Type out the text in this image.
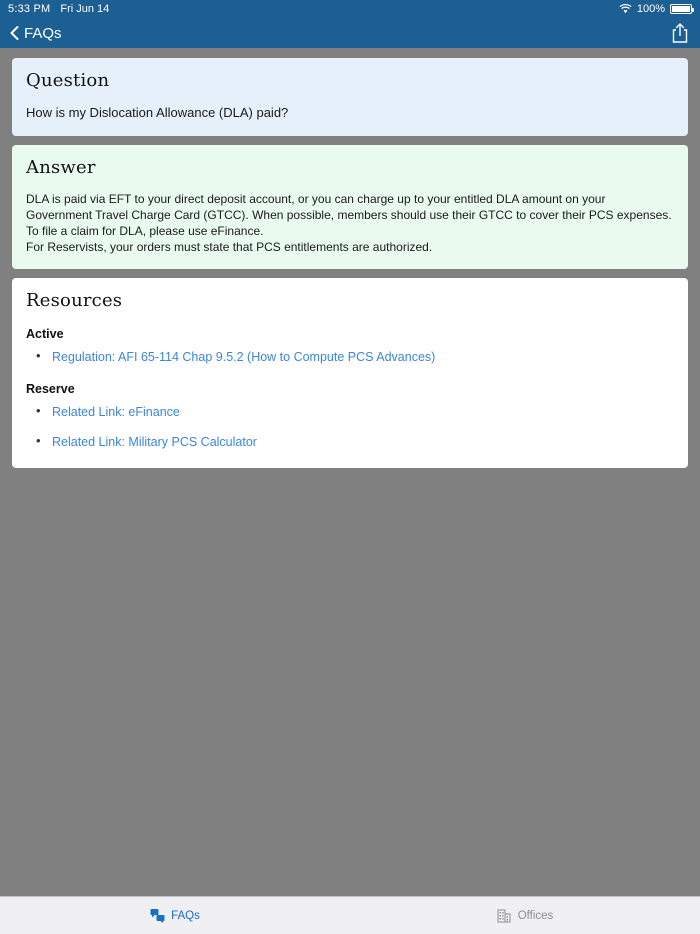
5:33 PM Fri Jun 14	100%
FAQs
Question
How is my Dislocation Allowance (DLA) paid?
Answer

DLA is paid via EFT to your direct deposit account, or you can charge up to your entitled DLA amount on your Government Travel Charge Card (GTCC). When possible, members should use their GTCC to cover their PCS expenses.

To file a claim for DLA, please use eFinance.

For Reservists, your orders must state that PCS entitlements are authorized.

Resources
Active
• Regulation: AFI 65-114 Chap 9.5.2 (How to Compute PCS Advances)
Reserve
• Related Link: eFinance
• Related Link: Military PCS Calculator
FAQs	Offices
